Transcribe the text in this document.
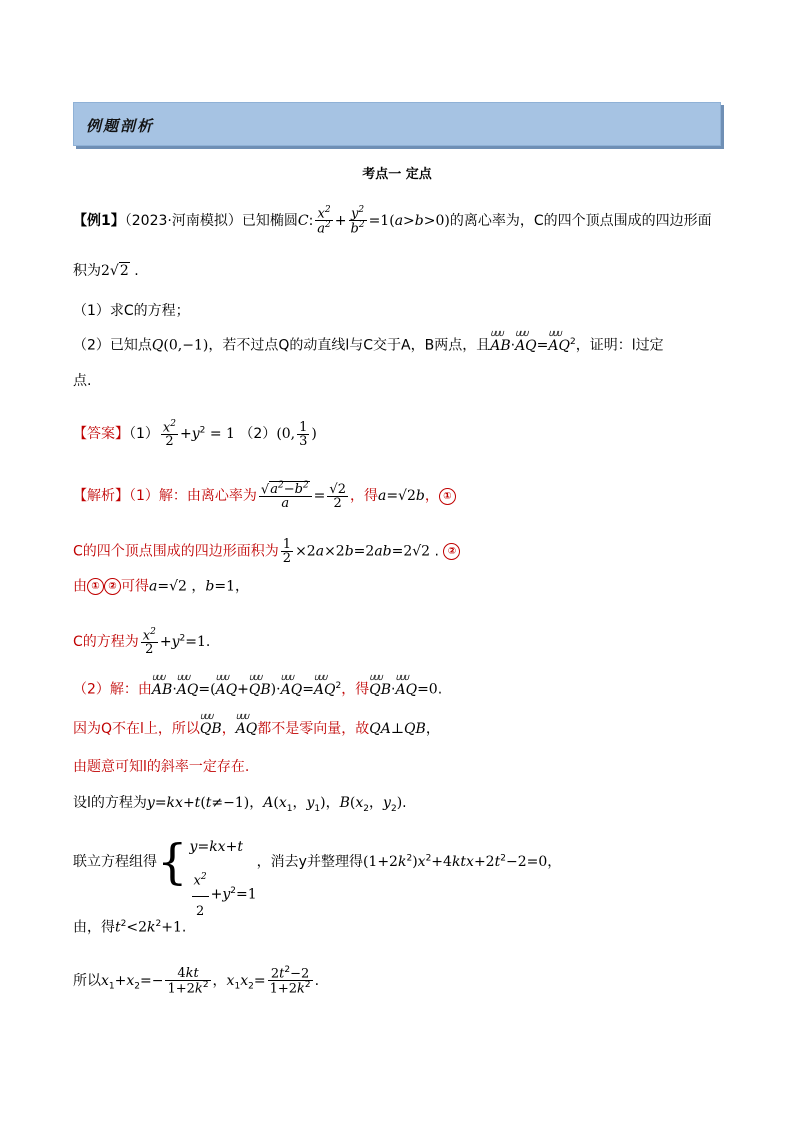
例题剖析
考点一 定点
【例1】（2023·河南模拟）已知椭圆C: $\frac{x^2}{a^2} + \frac{y^2}{b^2} =1(a>b>0)$的离心率为，C的四个顶点围成的四边形面
积为2√2 .
（1）求C的方程；
（2）已知点Q(0,−1)，若不过点Q的动直线l与C交于A，B两点，且ꓴꓴꓴ AB·ꓴꓴꓴ AQ=ꓴꓴꓴ $AQ^2$，证明：l过定
点.
【答案】$(1) \frac{x^2}{2} +y^2 = 1$ （2）(0, $\frac{1}{3}$ )
【解析】（1）解：由离心率为 $\frac{√a^2-b^2}{a} = \frac{√2}{2}$ ，得a=√2b， ①
C的四个顶点围成的四边形面积为 $\frac{1}{2} \times 2a\times 2b=2ab=2√2$ . ②
由 ① ② 可得a=√2 ，b=1，
C的方程为 $\frac{x^2}{2} +y^2=1$.
（2）解：由ꓴꓴꓴ AB·ꓴꓴꓴ AQ=(ꓴꓴꓴ AQ+ꓴꓴꓴ QB)·ꓴꓴꓴ AQ=ꓴꓴꓴ $AQ^2$，得ꓴꓴꓴ QB·ꓴꓴꓴ AQ=0.
因为Q不在l上，所以ꓴꓴꓴ QB，ꓴꓴꓴ AQ都不是零向量，故QA⊥QB，
由题意可知l的斜率一定存在.
设l的方程为y=kx+t(t≠−1)，$A(x_1$，$y_1$)，$B(x_2$，$y_2$).
联立方程组得{ y=kx+t
$\frac{x^2}{2} +y^2=1$
，消去y并整理得$(1+2k^2)x^2+4ktx+2t^2-2=0$，
由，得$t^2<2k^2+1$.
所以$x_1+x_2=- \frac{4kt}{1+2k^2}$ ，$x_1x_2= \frac{2t^2-2}{1+2k^2}$ .
